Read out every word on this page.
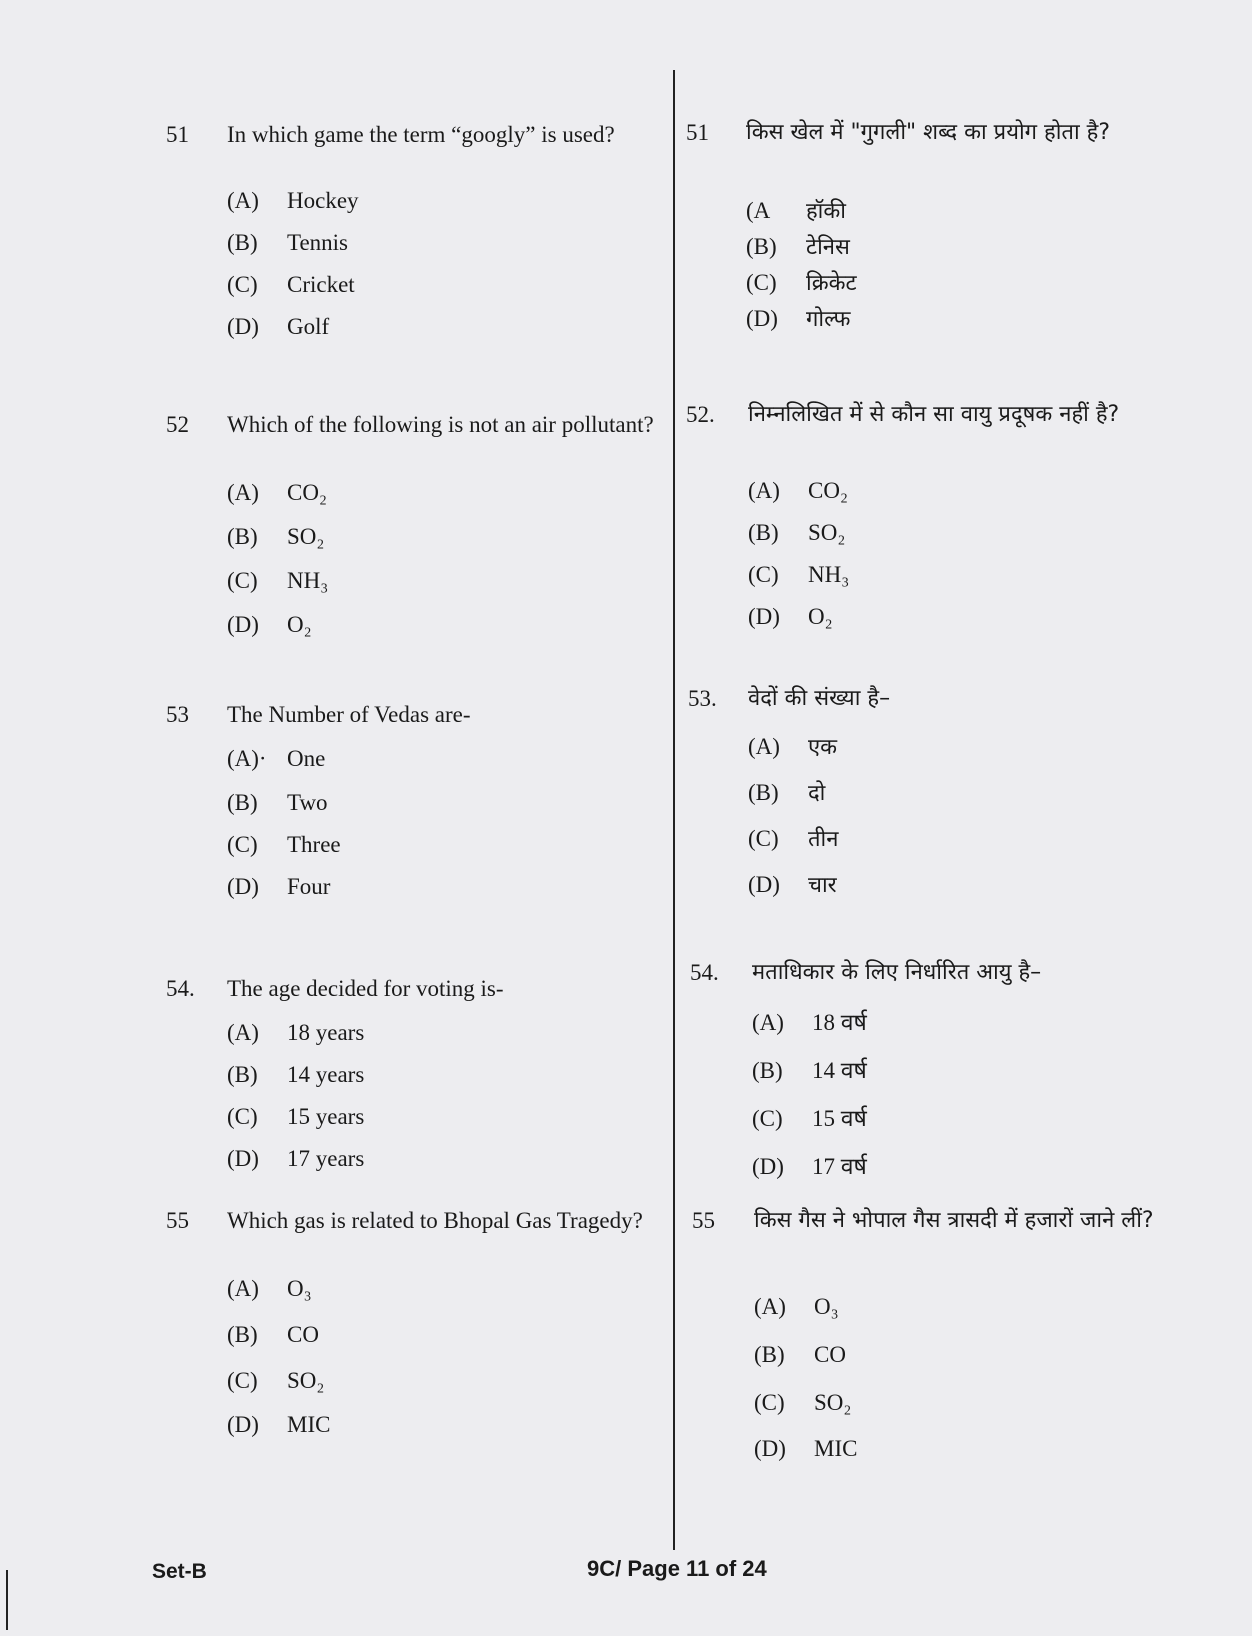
51 In which game the term “googly” is used?
(A) Hockey
(B) Tennis
(C) Cricket
(D) Golf
52 Which of the following is not an air pollutant?
(A) CO₂
(B) SO₂
(C) NH₃
(D) O₂
53 The Number of Vedas are-
(A)· One
(B) Two
(C) Three
(D) Four
54. The age decided for voting is-
(A) 18 years
(B) 14 years
(C) 15 years
(D) 17 years
55 Which gas is related to Bhopal Gas Tragedy?
(A) O₃
(B) CO
(C) SO₂
(D) MIC
51 किस खेल में "गुगली" शब्द का प्रयोग होता है?
(A हॉकी
(B) टेनिस
(C) क्रिकेट
(D) गोल्फ
52. निम्नलिखित में से कौन सा वायु प्रदूषक नहीं है?
(A) CO₂
(B) SO₂
(C) NH₃
(D) O₂
53. वेदों की संख्या है–
(A) एक
(B) दो
(C) तीन
(D) चार
54. मताधिकार के लिए निर्धारित आयु है–
(A) 18 वर्ष
(B) 14 वर्ष
(C) 15 वर्ष
(D) 17 वर्ष
55 किस गैस ने भोपाल गैस त्रासदी में हजारों जाने लीं?
(A) O₃
(B) CO
(C) SO₂
(D) MIC
Set-B	9C/ Page 11 of 24
